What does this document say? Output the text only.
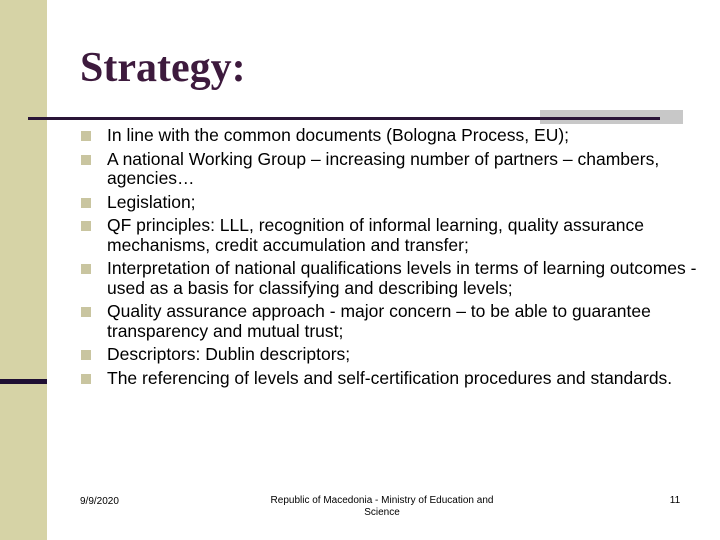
Strategy:
In line with the common documents (Bologna Process, EU);
A national Working Group – increasing number of partners – chambers, agencies…
Legislation;
QF principles: LLL, recognition of informal learning, quality assurance mechanisms, credit accumulation and transfer;
Interpretation of national qualifications levels in terms of learning outcomes - used as a basis for classifying and describing levels;
Quality assurance approach - major concern – to be able to guarantee transparency and mutual trust;
Descriptors: Dublin descriptors;
The referencing of levels and self-certification procedures and standards.
9/9/2020	Republic of Macedonia - Ministry of Education and Science
11
